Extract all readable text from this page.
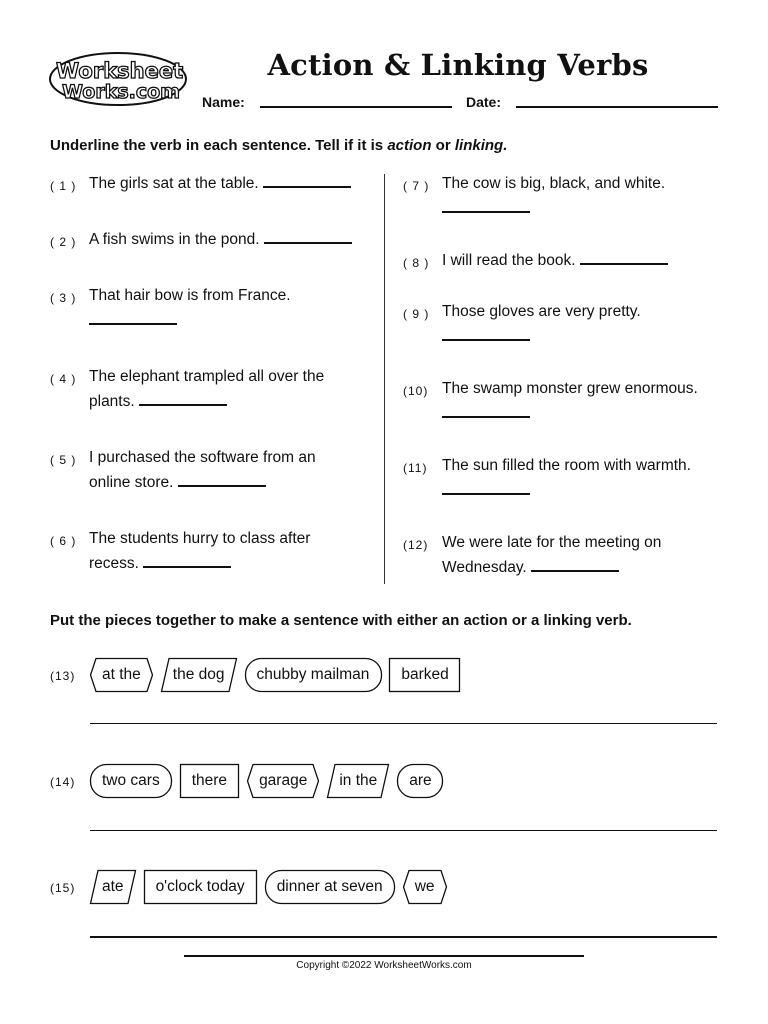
Worksheet
Works.com
Action & Linking Verbs
Name:	Date:
Underline the verb in each sentence. Tell if it is action or linking.
( 1 ) The girls sat at the table.
( 2 ) A fish swims in the pond.
( 3 ) That hair bow is from France.
( 4 ) The elephant trampled all over the plants.
( 5 ) I purchased the software from an online store.
( 6 ) The students hurry to class after recess.
( 7 ) The cow is big, black, and white.
( 8 ) I will read the book.
( 9 ) Those gloves are very pretty.
(10) The swamp monster grew enormous.
(11) The sun filled the room with warmth.
(12) We were late for the meeting on Wednesday.
Put the pieces together to make a sentence with either an action or a linking verb.
(13)	at the	the dog	chubby mailman	barked
(14)	two cars	there	garage	in the	are
(15)	ate	o'clock today	dinner at seven	we
Copyright ©2022 WorksheetWorks.com
